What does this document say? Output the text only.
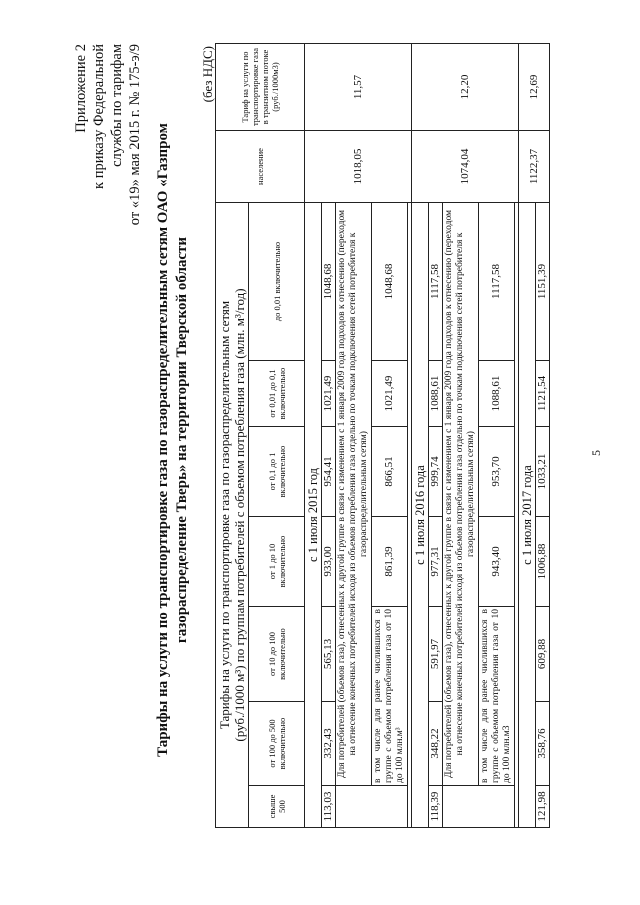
Приложение 2 к приказу Федеральной службы по тарифам от «19» мая 2015 г. № 175-э/9 Тарифы на услуги по транспортировке газа по газораспределительным сетям ОАО «Газпром газораспределение Тверь» на территории Тверской области
(без НДС)
Тарифы на услуги по транспортировке газа по газораспределительным сетям (руб./1000 м³) по группам потребителей с объемом потребления газа (млн. м³/год)							население	Тариф на услуги по транспортировке газа в транзитном потоке (руб./1000м3)
свыше 500	от 100 до 500 включительно	от 10 до 100 включительно	от 1 до 10 включительно	от 0,1 до 1 включительно	от 0,01 до 0,1 включительно	до 0,01 включительно		
с 1 июля 2015 год							1018,05	11,57
113,03	332,43	565,13	933,00	954,41	1021,49	1048,68		
	Для потребителей (объемов газа), отнесенных к другой группе в связи с изменением с 1 января 2009 года подходов к отнесению (переходом на отнесение конечных потребителей исходя из объемов потребления газа отдельно по точкам подключения сетей потребителя к газораспределительным сетям)							
	в том числе для ранее числившихся в группе с объемом потребления газа от 10 до 100 млн.м³		861,39	866,51	1021,49	1048,68		

с 1 июля 2016 года							1074,04	12,20
118,39	348,22	591,97	977,31	999,74	1088,61	1117,58		
	Для потребителей (объемов газа), отнесенных к другой группе в связи с изменением с 1 января 2009 года подходов к отнесению (переходом на отнесение конечных потребителей исходя из объемов потребления газа отдельно по точкам подключения сетей потребителя к газораспределительным сетям)							
	в том числе для ранее числившихся в группе с объемом потребления газа от 10 до 100 млн.м3		943,40	953,70	1088,61	1117,58		

с 1 июля 2017 года							1122,37	12,69
121,98	358,76	609,88	1006,88	1033,21	1121,54	1151,39		
5
